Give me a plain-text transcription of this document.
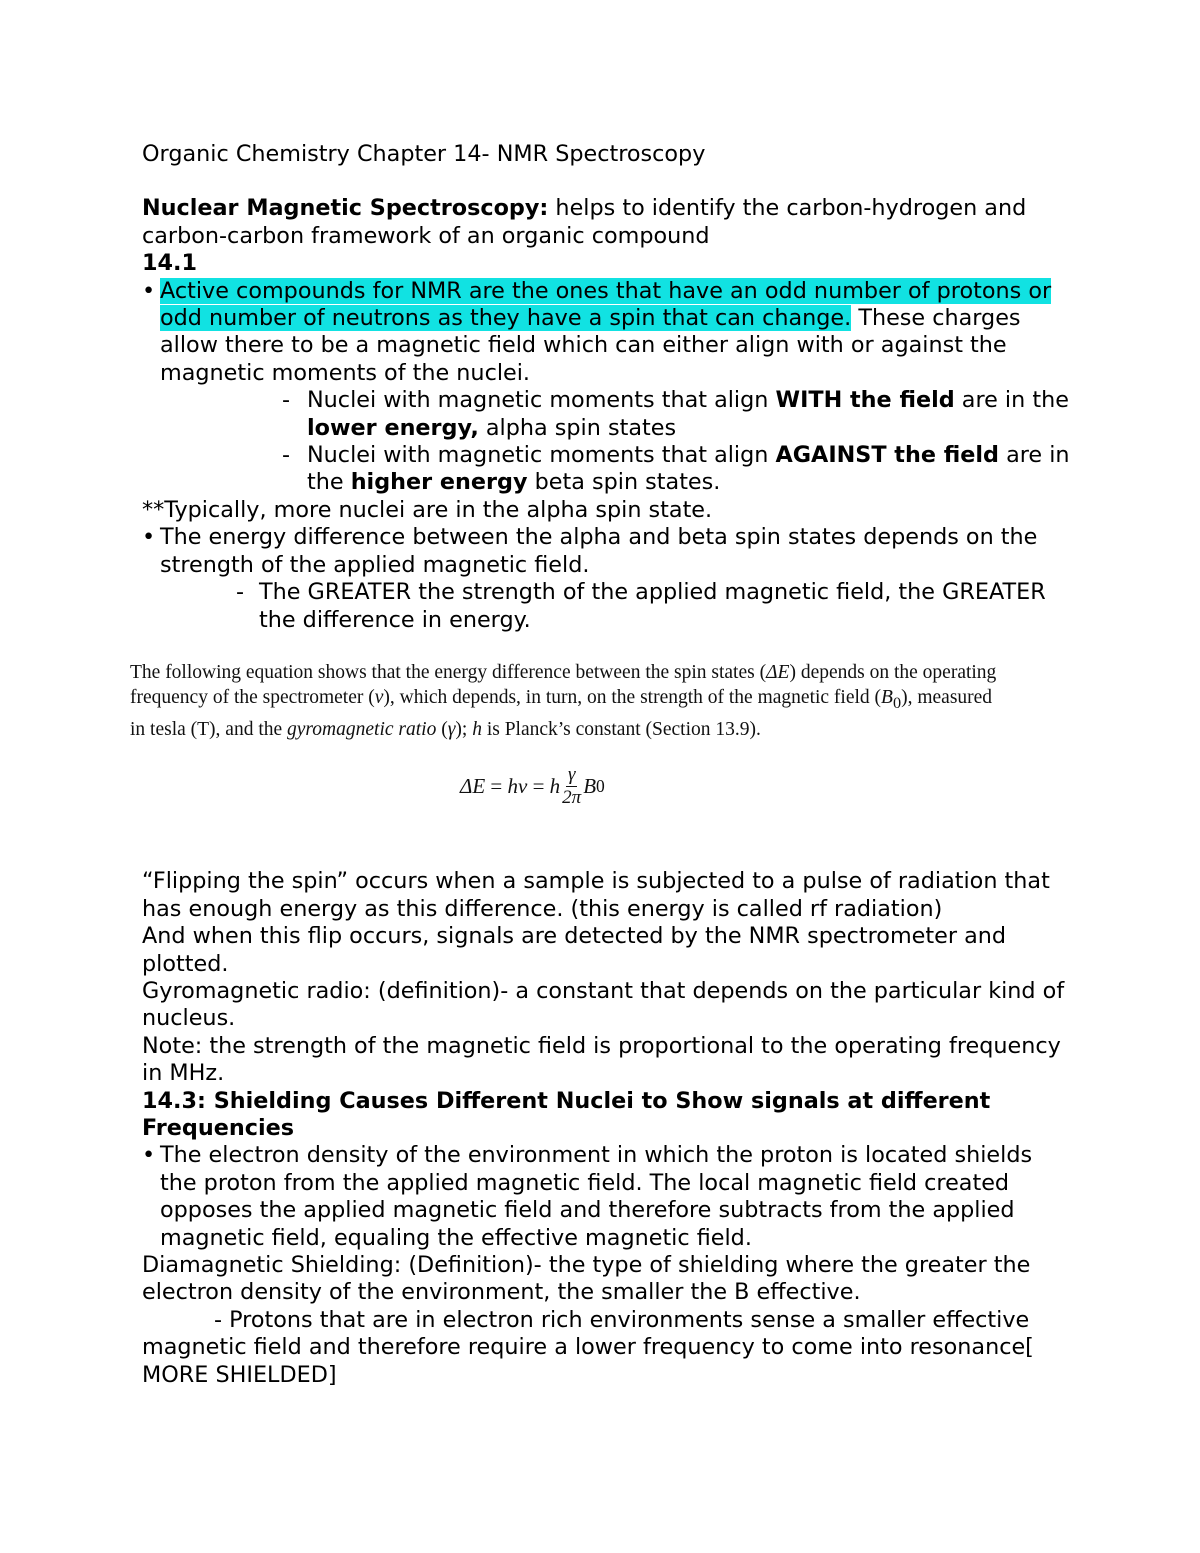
Organic Chemistry Chapter 14- NMR Spectroscopy

Nuclear Magnetic Spectroscopy: helps to identify the carbon-hydrogen and carbon-carbon framework of an organic compound

14.1

• Active compounds for NMR are the ones that have an odd number of protons or odd number of neutrons as they have a spin that can change. These charges allow there to be a magnetic field which can either align with or against the magnetic moments of the nuclei.

- Nuclei with magnetic moments that align WITH the field are in the lower energy, alpha spin states

- Nuclei with magnetic moments that align AGAINST the field are in the higher energy beta spin states.

**Typically, more nuclei are in the alpha spin state.

• The energy difference between the alpha and beta spin states depends on the strength of the applied magnetic field.

- The GREATER the strength of the applied magnetic field, the GREATER the difference in energy.

The following equation shows that the energy difference between the spin states (ΔE) depends on the operating frequency of the spectrometer (ν), which depends, in turn, on the strength of the magnetic field $(B_0)$, measured in tesla (T), and the gyromagnetic ratio (γ); h is Planck’s constant (Section 13.9).
ΔE = hν = h $\frac{\gamma}{2\pi}$ B 0

“Flipping the spin” occurs when a sample is subjected to a pulse of radiation that has enough energy as this difference. (this energy is called rf radiation)

And when this flip occurs, signals are detected by the NMR spectrometer and plotted.

Gyromagnetic radio: (definition)- a constant that depends on the particular kind of nucleus.

Note: the strength of the magnetic field is proportional to the operating frequency in MHz.

14.3: Shielding Causes Different Nuclei to Show signals at different Frequencies

• The electron density of the environment in which the proton is located shields the proton from the applied magnetic field. The local magnetic field created opposes the applied magnetic field and therefore subtracts from the applied magnetic field, equaling the effective magnetic field.

Diamagnetic Shielding: (Definition)- the type of shielding where the greater the electron density of the environment, the smaller the B effective.

- Protons that are in electron rich environments sense a smaller effective magnetic field and therefore require a lower frequency to come into resonance[ MORE SHIELDED]
